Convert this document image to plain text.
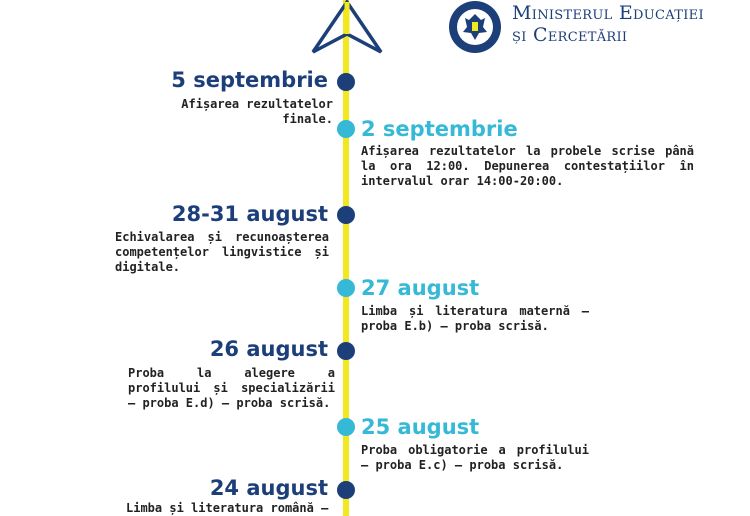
Ministerul Educației
și Cercetării
5 septembrie
Afișarea rezultatelor finale. 2 septembrie
Afișarea rezultatelor la probele scrise până la ora 12:00. Depunerea contestațiilor în intervalul orar 14:00-20:00.
28-31 august
Echivalarea și recunoașterea competențelor lingvistice și digitale.
27 august
Limba și literatura maternă – proba E.b) – proba scrisă.
26 august
Proba la alegere a profilului și specializării – proba E.d) – proba scrisă.
25 august
Proba obligatorie a profilului – proba E.c) – proba scrisă.
24 august
Limba și literatura română –
